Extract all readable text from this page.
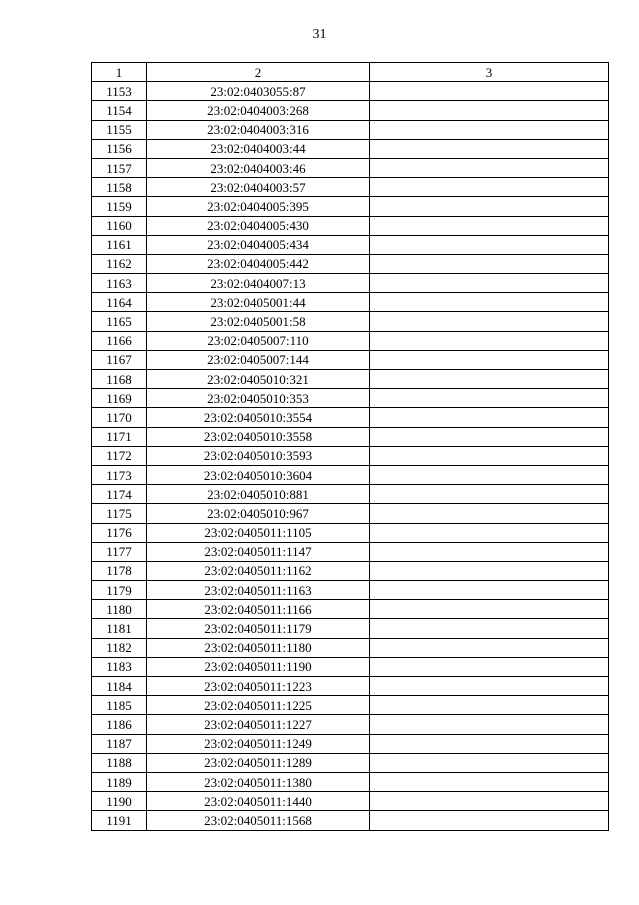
31
1	2	3
1153	23:02:0403055:87	
1154	23:02:0404003:268	
1155	23:02:0404003:316	
1156	23:02:0404003:44	
1157	23:02:0404003:46	
1158	23:02:0404003:57	
1159	23:02:0404005:395	
1160	23:02:0404005:430	
1161	23:02:0404005:434	
1162	23:02:0404005:442	
1163	23:02:0404007:13	
1164	23:02:0405001:44	
1165	23:02:0405001:58	
1166	23:02:0405007:110	
1167	23:02:0405007:144	
1168	23:02:0405010:321	
1169	23:02:0405010:353	
1170	23:02:0405010:3554	
1171	23:02:0405010:3558	
1172	23:02:0405010:3593	
1173	23:02:0405010:3604	
1174	23:02:0405010:881	
1175	23:02:0405010:967	
1176	23:02:0405011:1105	
1177	23:02:0405011:1147	
1178	23:02:0405011:1162	
1179	23:02:0405011:1163	
1180	23:02:0405011:1166	
1181	23:02:0405011:1179	
1182	23:02:0405011:1180	
1183	23:02:0405011:1190	
1184	23:02:0405011:1223	
1185	23:02:0405011:1225	
1186	23:02:0405011:1227	
1187	23:02:0405011:1249	
1188	23:02:0405011:1289	
1189	23:02:0405011:1380	
1190	23:02:0405011:1440	
1191	23:02:0405011:1568	
